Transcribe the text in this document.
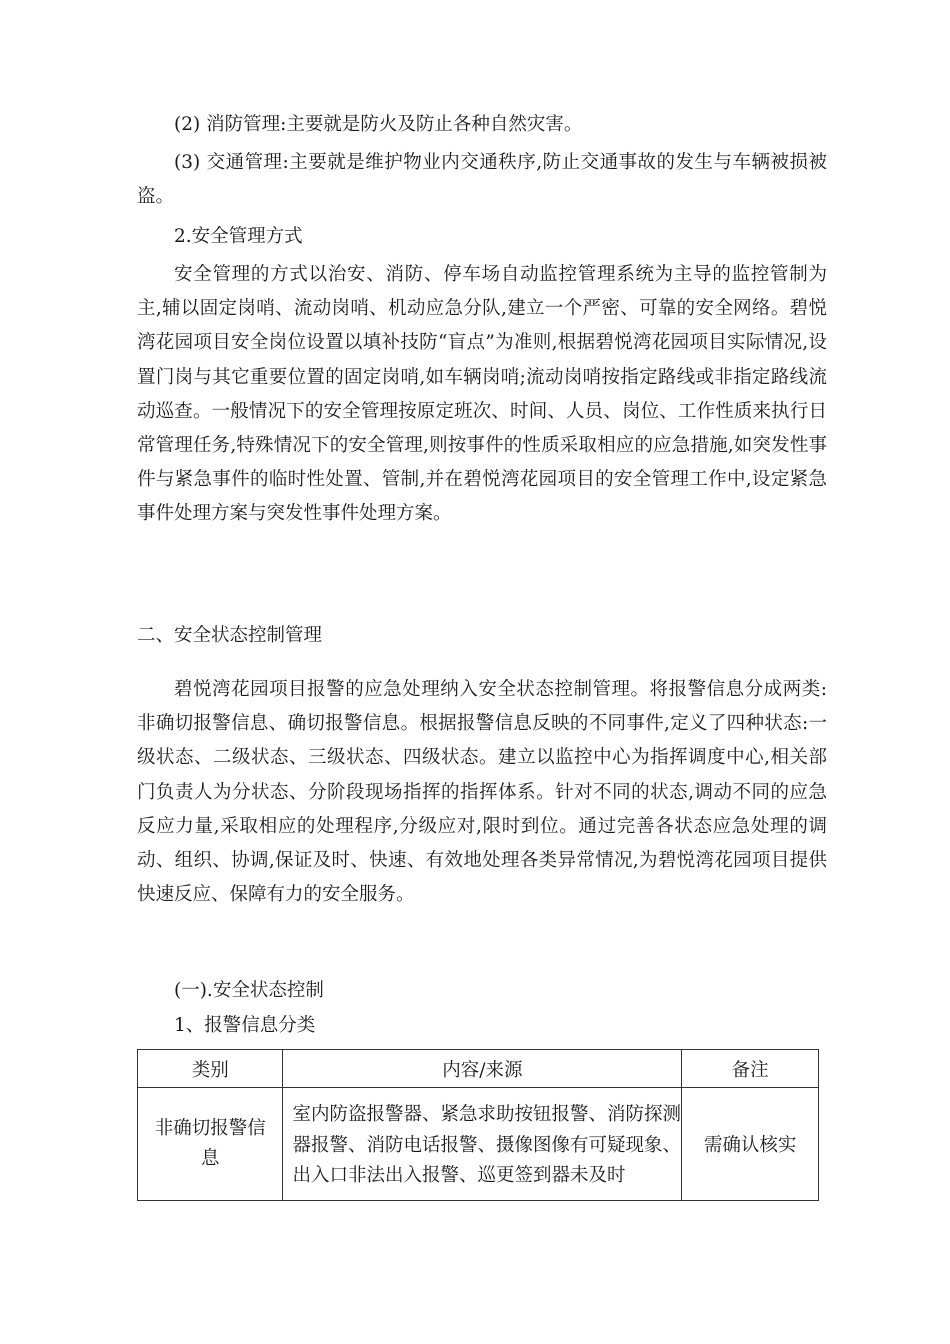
(2) 消防管理:主要就是防火及防止各种自然灾害。

(3) 交通管理:主要就是维护物业内交通秩序,防止交通事故的发生与车辆被损被盗。

2.安全管理方式

安全管理的方式以治安、消防、停车场自动监控管理系统为主导的监控管制为主,辅以固定岗哨、流动岗哨、机动应急分队,建立一个严密、可靠的安全网络。碧悦湾花园项目安全岗位设置以填补技防“盲点”为准则,根据碧悦湾花园项目实际情况,设置门岗与其它重要位置的固定岗哨,如车辆岗哨;流动岗哨按指定路线或非指定路线流动巡查。一般情况下的安全管理按原定班次、时间、人员、岗位、工作性质来执行日常管理任务,特殊情况下的安全管理,则按事件的性质采取相应的应急措施,如突发性事件与紧急事件的临时性处置、管制,并在碧悦湾花园项目的安全管理工作中,设定紧急事件处理方案与突发性事件处理方案。

二、安全状态控制管理

碧悦湾花园项目报警的应急处理纳入安全状态控制管理。将报警信息分成两类:非确切报警信息、确切报警信息。根据报警信息反映的不同事件,定义了四种状态:一级状态、二级状态、三级状态、四级状态。建立以监控中心为指挥调度中心,相关部门负责人为分状态、分阶段现场指挥的指挥体系。针对不同的状态,调动不同的应急反应力量,采取相应的处理程序,分级应对,限时到位。通过完善各状态应急处理的调动、组织、协调,保证及时、快速、有效地处理各类异常情况,为碧悦湾花园项目提供快速反应、保障有力的安全服务。

(一).安全状态控制
1、报警信息分类
类别	内容/来源	备注

非确切报警信息	室内防盗报警器、紧急求助按钮报警、消防探测器报警、消防电话报警、摄像图像有可疑现象、出入口非法出入报警、巡更签到器未及时	需确认核实
